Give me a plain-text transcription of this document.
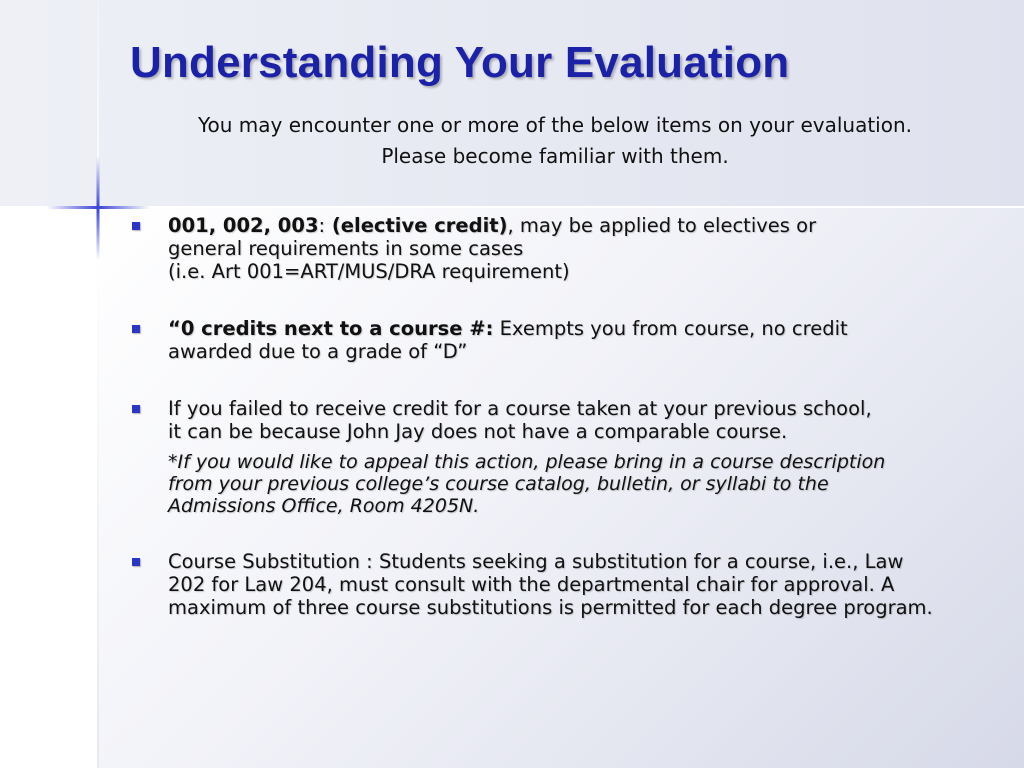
Understanding Your Evaluation

You may encounter one or more of the below items on your evaluation.
Please become familiar with them.

001, 002, 003: (elective credit), may be applied to electives or
general requirements in some cases
(i.e. Art 001=ART/MUS/DRA requirement)
“0 credits next to a course #: Exempts you from course, no credit
awarded due to a grade of “D”
If you failed to receive credit for a course taken at your previous school,
it can be because John Jay does not have a comparable course.
*If you would like to appeal this action, please bring in a course description
from your previous college’s course catalog, bulletin, or syllabi to the
Admissions Office, Room 4205N.
Course Substitution : Students seeking a substitution for a course, i.e., Law
202 for Law 204, must consult with the departmental chair for approval. A
maximum of three course substitutions is permitted for each degree program.
